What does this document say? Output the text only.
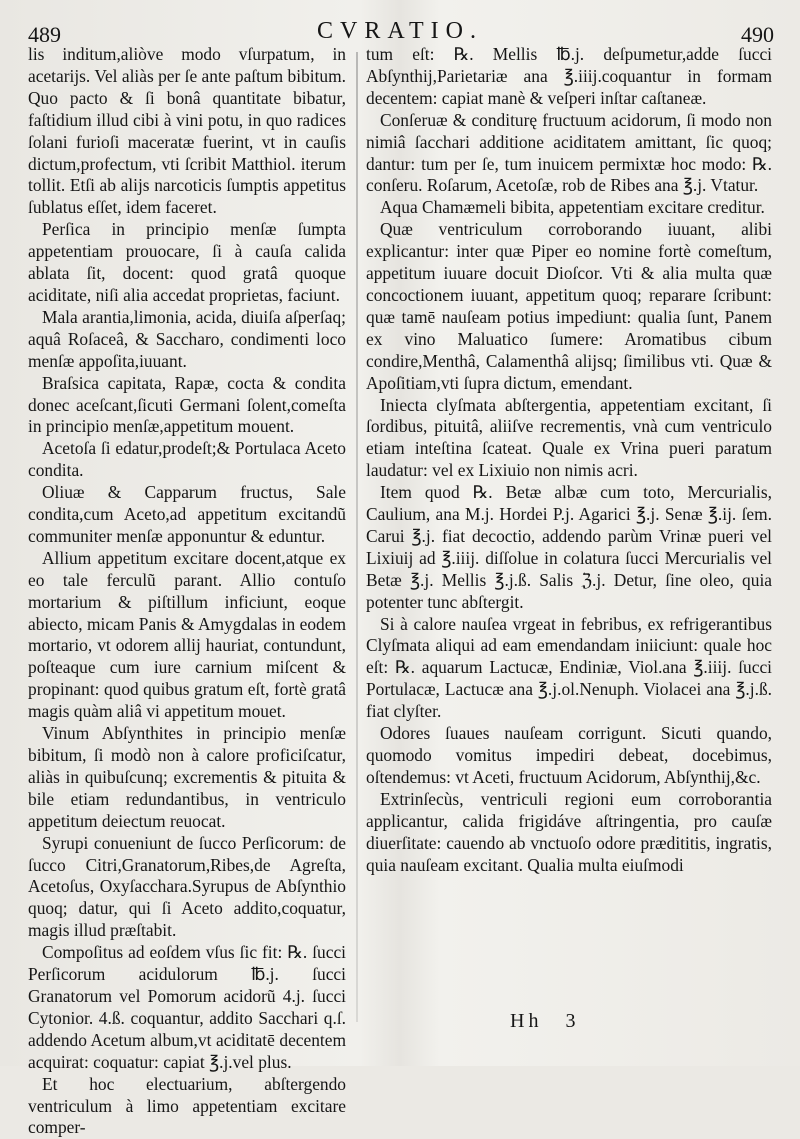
489	CVRATIO.	490

lis inditum,aliòve modo vſurpatum, in acetarijs. Vel aliàs per ſe ante paſtum bibitum. Quo pacto & ſi bonâ quantitate bibatur, faſtidium illud cibi à vini potu, in quo radices ſolani furioſi maceratæ fuerint, vt in cauſis dictum,profectum, vti ſcribit Matthiol. iterum tollit. Etſi ab alijs narcoticis ſumptis appetitus ſublatus eſſet, idem faceret.

Perſica in principio menſæ ſumpta appetentiam prouocare, ſi à cauſa calida ablata ſit, docent: quod gratâ quoque aciditate, niſi alia accedat proprietas, faciunt.

Mala arantia,limonia, acida, diuiſa aſperſaq; aquâ Roſaceâ, & Saccharo, condimenti loco menſæ appoſita,iuuant.

Braſsica capitata, Rapæ, cocta & condita donec aceſcant,ſicuti Germani ſolent,comeſta in principio menſæ,appetitum mouent.

Acetoſa ſi edatur,prodeſt;& Portulaca Aceto condita.

Oliuæ & Capparum fructus, Sale condita,cum Aceto,ad appetitum excitandũ communiter menſæ apponuntur & eduntur.

Allium appetitum excitare docent,atque ex eo tale ferculũ parant. Allio contuſo mortarium & piſtillum inficiunt, eoque abiecto, micam Panis & Amygdalas in eodem mortario, vt odorem allij hauriat, contundunt, poſteaque cum iure carnium miſcent & propinant: quod quibus gratum eſt, fortè gratâ magis quàm aliâ vi appetitum mouet.

Vinum Abſynthites in principio menſæ bibitum, ſi modò non à calore proficiſcatur, aliàs in quibuſcunq; excrementis & pituita & bile etiam redundantibus, in ventriculo appetitum deiectum reuocat.

Syrupi conueniunt de ſucco Perſicorum: de ſucco Citri,Granatorum,Ribes,de Agreſta, Acetoſus, Oxyſacchara.Syrupus de Abſynthio quoq; datur, qui ſi Aceto addito,coquatur, magis illud præſtabit.

Compoſitus ad eoſdem vſus ſic fit: ℞. ſucci Perſicorum acidulorum ℔.j. ſucci Granatorum vel Pomorum acidorũ 4.j. ſucci Cytonior. 4.ß. coquantur, addito Sacchari q.ſ. addendo Acetum album,vt aciditatē decentem acquirat: coquatur: capiat ℥.j.vel plus.

Et hoc electuarium, abſtergendo ventriculum à limo appetentiam excitare comper-

tum eſt: ℞. Mellis ℔.j. deſpumetur,adde ſucci Abſynthij,Parietariæ ana ℥.iiij.coquantur in formam decentem: capiat manè & veſperi inſtar caſtaneæ.

Conſeruæ & conditurę fructuum acidorum, ſi modo non nimiâ ſacchari additione aciditatem amittant, ſic quoq; dantur: tum per ſe, tum inuicem permixtæ hoc modo: ℞. conſeru. Roſarum, Acetoſæ, rob de Ribes ana ℥.j. Vtatur.

Aqua Chamæmeli bibita, appetentiam excitare creditur.

Quæ ventriculum corroborando iuuant, alibi explicantur: inter quæ Piper eo nomine fortè comeſtum, appetitum iuuare docuit Dioſcor. Vti & alia multa quæ concoctionem iuuant, appetitum quoq; reparare ſcribunt: quæ tamē nauſeam potius impediunt: qualia ſunt, Panem ex vino Maluatico ſumere: Aromatibus cibum condire,Menthâ, Calamenthâ alijsq; ſimilibus vti. Quæ & Apoſitiam,vti ſupra dictum, emendant.

Iniecta clyſmata abſtergentia, appetentiam excitant, ſi ſordibus, pituitâ, aliiſve recrementis, vnà cum ventriculo etiam inteſtina ſcateat. Quale ex Vrina pueri paratum laudatur: vel ex Lixiuio non nimis acri.

Item quod ℞. Betæ albæ cum toto, Mercurialis, Caulium, ana M.j. Hordei P.j. Agarici ℥.j. Senæ ℥.ij. ſem. Carui ℥.j. fiat decoctio, addendo parùm Vrinæ pueri vel Lixiuij ad ℥.iiij. diſſolue in colatura ſucci Mercurialis vel Betæ ℥.j. Mellis ℥.j.ß. Salis ℨ.j. Detur, ſine oleo, quia potenter tunc abſtergit.

Si à calore nauſea vrgeat in febribus, ex refrigerantibus Clyſmata aliqui ad eam emendandam iniiciunt: quale hoc eſt: ℞. aquarum Lactucæ, Endiniæ, Viol.ana ℥.iiij. ſucci Portulacæ, Lactucæ ana ℥.j.ol.Nenuph. Violacei ana ℥.j.ß. fiat clyſter.

Odores ſuaues nauſeam corrigunt. Sicuti quando, quomodo vomitus impediri debeat, docebimus, oſtendemus: vt Aceti, fructuum Acidorum, Abſynthij,&c.

Extrinſecùs, ventriculi regioni eum corroborantia applicantur, calida frigidáve aſtringentia, pro cauſæ diuerſitate: cauendo ab vnctuoſo odore prædititis, ingratis, quia nauſeam excitant. Qualia multa eiuſmodi

Hh 3
